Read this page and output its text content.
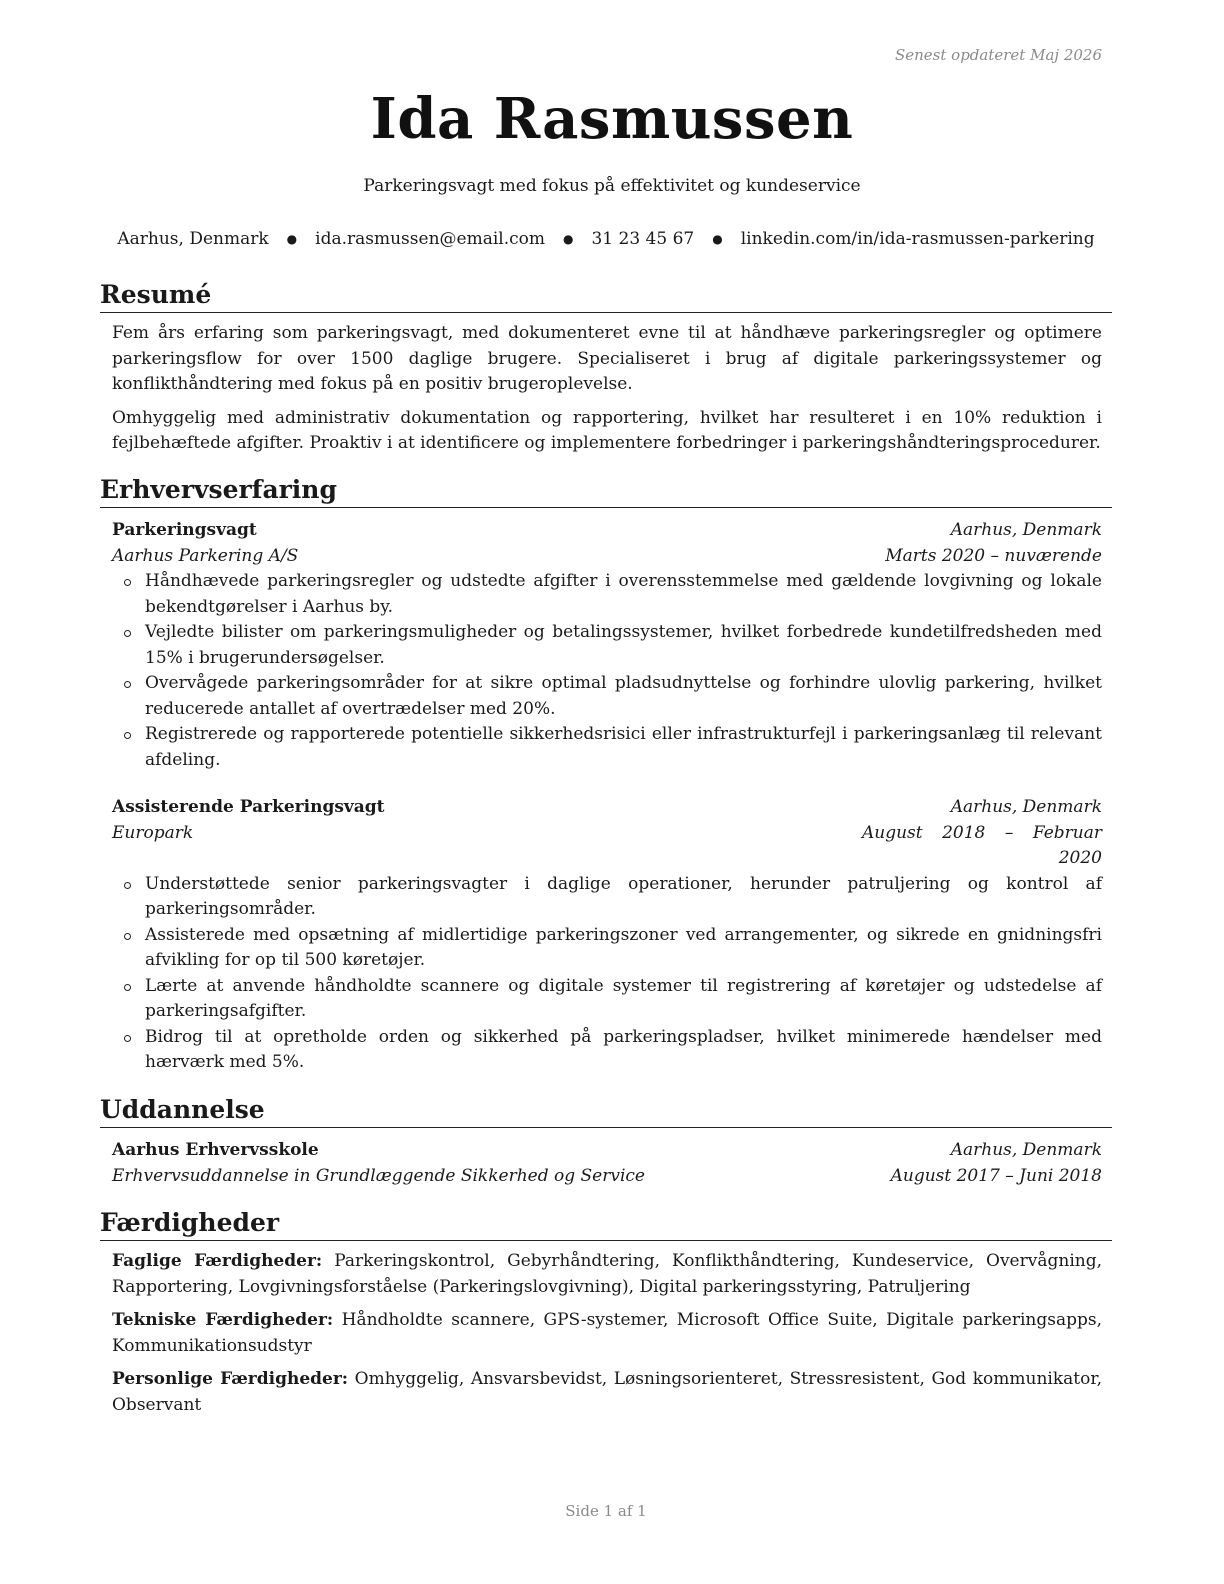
Senest opdateret Maj 2026
Ida Rasmussen
Parkeringsvagt med fokus på effektivitet og kundeservice
Aarhus, Denmark ● ida.rasmussen@email.com ● 31 23 45 67 ● linkedin.com/in/ida-rasmussen-parkering
Resumé
Fem års erfaring som parkeringsvagt, med dokumenteret evne til at håndhæve parkeringsregler og optimere parkeringsflow for over 1500 daglige brugere. Specialiseret i brug af digitale parkeringssystemer og konflikthåndtering med fokus på en positiv brugeroplevelse.
Omhyggelig med administrativ dokumentation og rapportering, hvilket har resulteret i en 10% reduktion i fejlbehæftede afgifter. Proaktiv i at identificere og implementere forbedringer i parkeringshåndteringsprocedurer.
Erhvervserfaring
Parkeringsvagt	Aarhus, Denmark
Aarhus Parkering A/S	Marts 2020 – nuværende
Håndhævede parkeringsregler og udstedte afgifter i overensstemmelse med gældende lovgivning og lokale bekendtgørelser i Aarhus by.
Vejledte bilister om parkeringsmuligheder og betalingssystemer, hvilket forbedrede kundetilfredsheden med 15% i brugerundersøgelser.
Overvågede parkeringsområder for at sikre optimal pladsudnyttelse og forhindre ulovlig parkering, hvilket reducerede antallet af overtrædelser med 20%.
Registrerede og rapporterede potentielle sikkerhedsrisici eller infrastrukturfejl i parkeringsanlæg til relevant afdeling.
Assisterende Parkeringsvagt	Aarhus, Denmark
Europark	August 2018 – Februar 2020
Understøttede senior parkeringsvagter i daglige operationer, herunder patruljering og kontrol af parkeringsområder.
Assisterede med opsætning af midlertidige parkeringszoner ved arrangementer, og sikrede en gnidningsfri afvikling for op til 500 køretøjer.
Lærte at anvende håndholdte scannere og digitale systemer til registrering af køretøjer og udstedelse af parkeringsafgifter.
Bidrog til at opretholde orden og sikkerhed på parkeringspladser, hvilket minimerede hændelser med hærværk med 5%.
Uddannelse
Aarhus Erhvervsskole	Aarhus, Denmark
Erhvervsuddannelse in Grundlæggende Sikkerhed og Service	August 2017 – Juni 2018
Færdigheder
Faglige Færdigheder: Parkeringskontrol, Gebyrhåndtering, Konflikthåndtering, Kundeservice, Overvågning, Rapportering, Lovgivningsforståelse (Parkeringslovgivning), Digital parkeringsstyring, Patruljering
Tekniske Færdigheder: Håndholdte scannere, GPS-systemer, Microsoft Office Suite, Digitale parkeringsapps, Kommunikationsudstyr
Personlige Færdigheder: Omhyggelig, Ansvarsbevidst, Løsningsorienteret, Stressresistent, God kommunikator, Observant
Side 1 af 1
